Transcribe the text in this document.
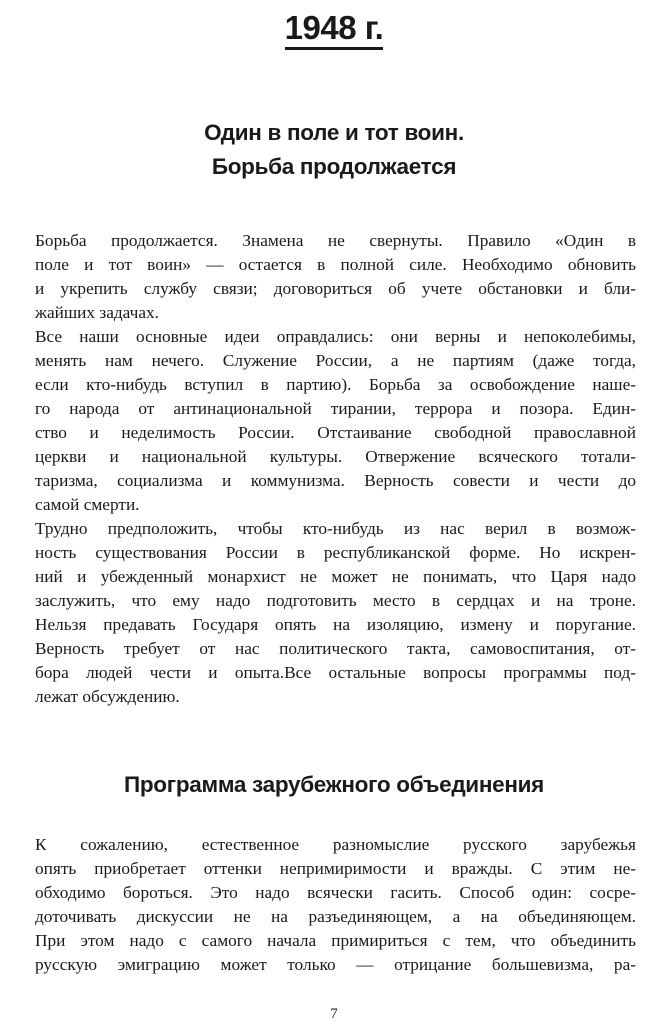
1948 г.
Один в поле и тот воин.
Борьба продолжается
Борьба продолжается. Знамена не свернуты. Правило «Один в
поле и тот воин» — остается в полной силе. Необходимо обновить
и укрепить службу связи; договориться об учете обстановки и бли-
жайших задачах.
Все наши основные идеи оправдались: они верны и непоколебимы,
менять нам нечего. Служение России, а не партиям (даже тогда,
если кто-нибудь вступил в партию). Борьба за освобождение наше-
го народа от антинациональной тирании, террора и позора. Един-
ство и неделимость России. Отстаивание свободной православной
церкви и национальной культуры. Отвержение всяческого тотали-
таризма, социализма и коммунизма. Верность совести и чести до
самой смерти.
Трудно предположить, чтобы кто-нибудь из нас верил в возмож-
ность существования России в республиканской форме. Но искрен-
ний и убежденный монархист не может не понимать, что Царя надо
заслужить, что ему надо подготовить место в сердцах и на троне.
Нельзя предавать Государя опять на изоляцию, измену и поругание.
Верность требует от нас политического такта, самовоспитания, от-
бора людей чести и опыта.Все остальные вопросы программы под-
лежат обсуждению.
Программа зарубежного объединения
К сожалению, естественное разномыслие русского зарубежья
опять приобретает оттенки непримиримости и вражды. С этим не-
обходимо бороться. Это надо всячески гасить. Способ один: сосре-
доточивать дискуссии не на разъединяющем, а на объединяющем.
При этом надо с самого начала примириться с тем, что объединить
русскую эмиграцию может только — отрицание большевизма, ра-
7
